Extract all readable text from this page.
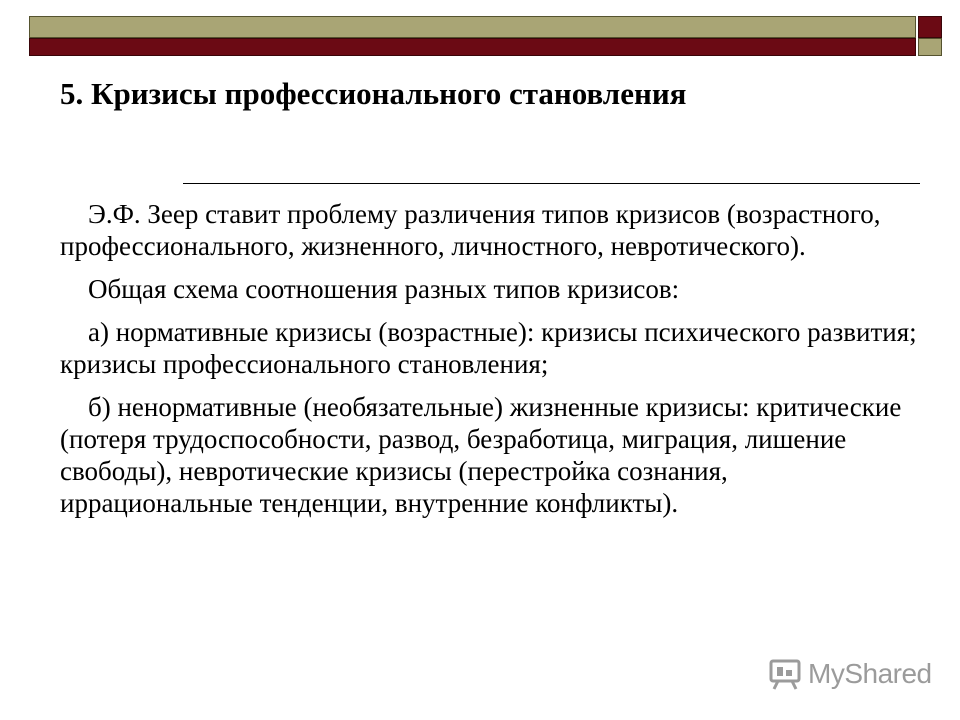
5. Кризисы профессионального становления

Э.Ф. Зеер ставит проблему различения типов кризисов (возрастного, профессионального, жизненного, личностного, невротического).

Общая схема соотношения разных типов кризисов:

а) нормативные кризисы (возрастные): кризисы психического развития; кризисы профессионального становления;

б) ненормативные (необязательные) жизненные кризисы: критические (потеря трудоспособности, развод, безработица, миграция, лишение свободы), невротические кризисы (перестройка сознания, иррациональные тенденции, внутренние конфликты).

MyShared
